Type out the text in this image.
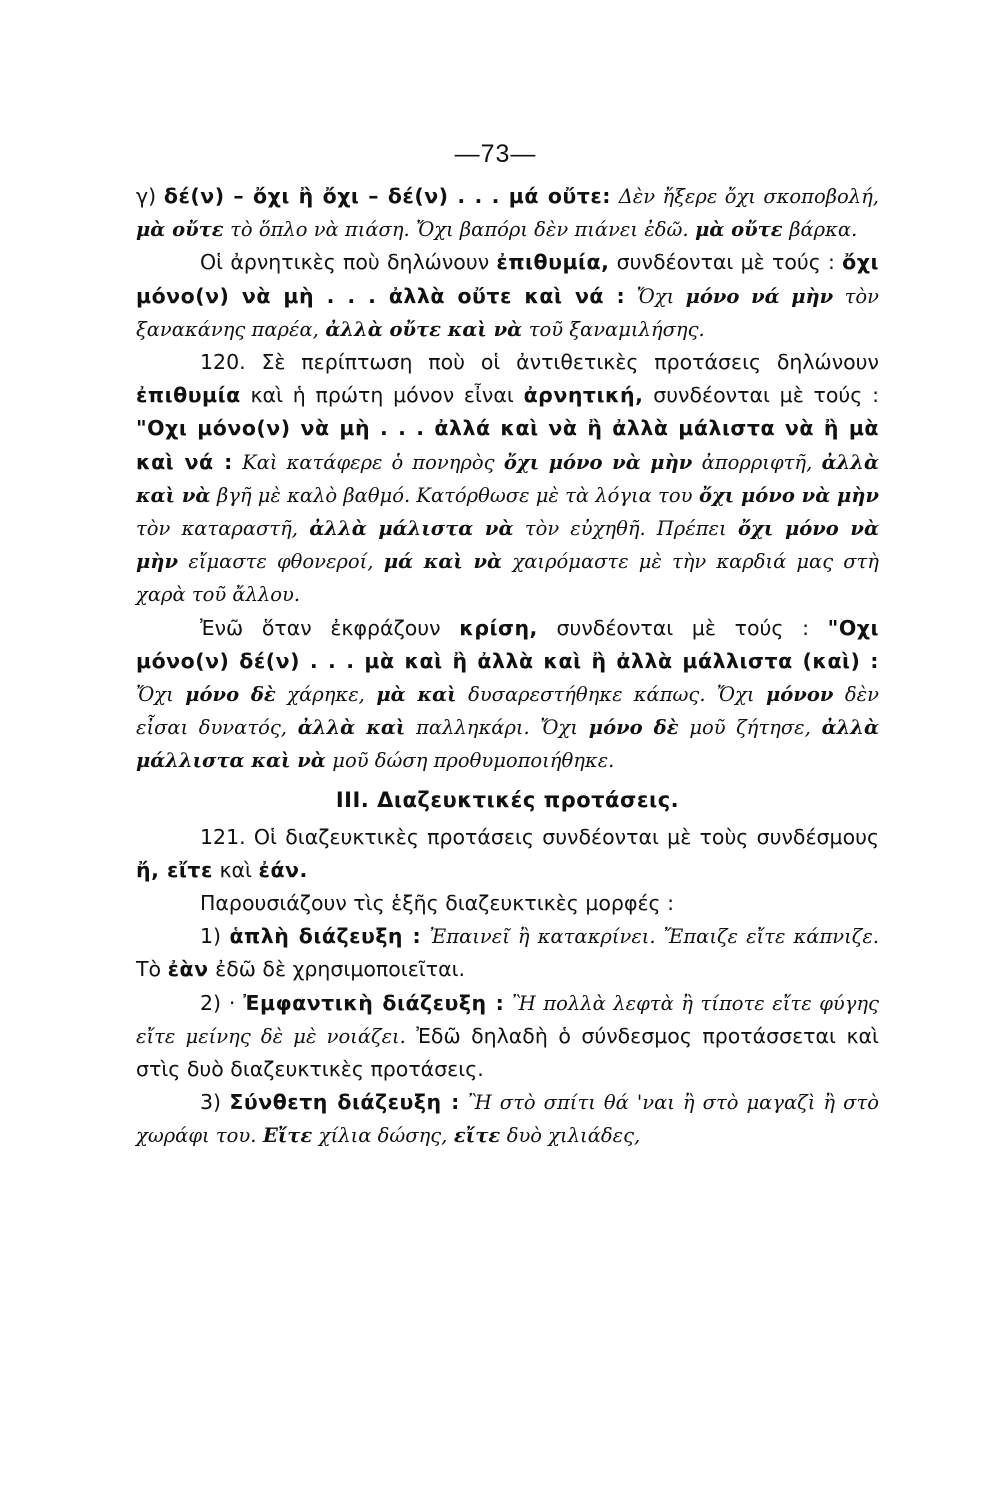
—73—

γ) δέ(ν) – ὄχι ἢ ὄχι – δέ(ν) . . . μά οὔτε: Δὲν ἤξερε ὄχι σκοποβολή, μὰ οὔτε τὸ ὅπλο νὰ πιάση. Ὄχι βαπόρι δὲν πιάνει ἐδῶ. μὰ οὔτε βάρκα.

Οἱ ἀρνητικὲς ποὺ δηλώνουν ἐπιθυμία, συνδέονται μὲ τούς : ὄχι μόνο(ν) νὰ μὴ . . . ἀλλὰ οὔτε καὶ νά : Ὄχι μόνο νά μὴν τὸν ξανακάνης παρέα, ἀλλὰ οὔτε καὶ νὰ τοῦ ξαναμιλήσης.

120. Σὲ περίπτωση ποὺ οἱ ἀντιθετικὲς προτάσεις δηλώνουν ἐπιθυμία καὶ ἡ πρώτη μόνον εἶναι ἀρνητική, συνδέονται μὲ τούς : "Οχι μόνο(ν) νὰ μὴ . . . ἀλλά καὶ νὰ ἢ ἀλλὰ μάλιστα νὰ ἢ μὰ καὶ νά : Καὶ κατάφερε ὁ πονηρὸς ὄχι μόνο νὰ μὴν ἀπορριφτῆ, ἀλλὰ καὶ νὰ βγῆ μὲ καλὸ βαθμό. Κατόρθωσε μὲ τὰ λόγια του ὄχι μόνο νὰ μὴν τὸν καταραστῆ, ἀλλὰ μάλιστα νὰ τὸν εὐχηθῆ. Πρέπει ὄχι μόνο νὰ μὴν εἴμαστε φθονεροί, μά καὶ νὰ χαιρόμαστε μὲ τὴν καρδιά μας στὴ χαρὰ τοῦ ἄλλου.

Ἐνῶ ὅταν ἐκφράζουν κρίση, συνδέονται μὲ τούς : "Οχι μόνο(ν) δέ(ν) . . . μὰ καὶ ἢ ἀλλὰ καὶ ἢ ἀλλὰ μάλλιστα (καὶ) : Ὄχι μόνο δὲ χάρηκε, μὰ καὶ δυσαρεστήθηκε κάπως. Ὄχι μόνον δὲν εἶσαι δυνατός, ἀλλὰ καὶ παλληκάρι. Ὄχι μόνο δὲ μοῦ ζήτησε, ἀλλὰ μάλλιστα καὶ νὰ μοῦ δώση προθυμοποιήθηκε.

III. Διαζευκτικές προτάσεις.

121. Οἱ διαζευκτικὲς προτάσεις συνδέονται μὲ τοὺς συνδέσμους ἤ, εἴτε καὶ ἐάν.

Παρουσιάζουν τὶς ἑξῆς διαζευκτικὲς μορφές :

1) ἁπλὴ διάζευξη : Ἐπαινεῖ ἢ κατακρίνει. Ἔπαιζε εἴτε κάπνιζε. Τὸ ἐὰν ἐδῶ δὲ χρησιμοποιεῖται.

2) · Ἐμφαντικὴ διάζευξη : Ἢ πολλὰ λεφτὰ ἢ τίποτε εἴτε φύγης εἴτε μείνης δὲ μὲ νοιάζει. Ἐδῶ δηλαδὴ ὁ σύνδεσμος προτάσσεται καὶ στὶς δυὸ διαζευκτικὲς προτάσεις.

3) Σύνθετη διάζευξη : Ἢ στὸ σπίτι θά 'ναι ἢ στὸ μαγαζὶ ἢ στὸ χωράφι του. Εἴτε χίλια δώσης, εἴτε δυὸ χιλιάδες,
